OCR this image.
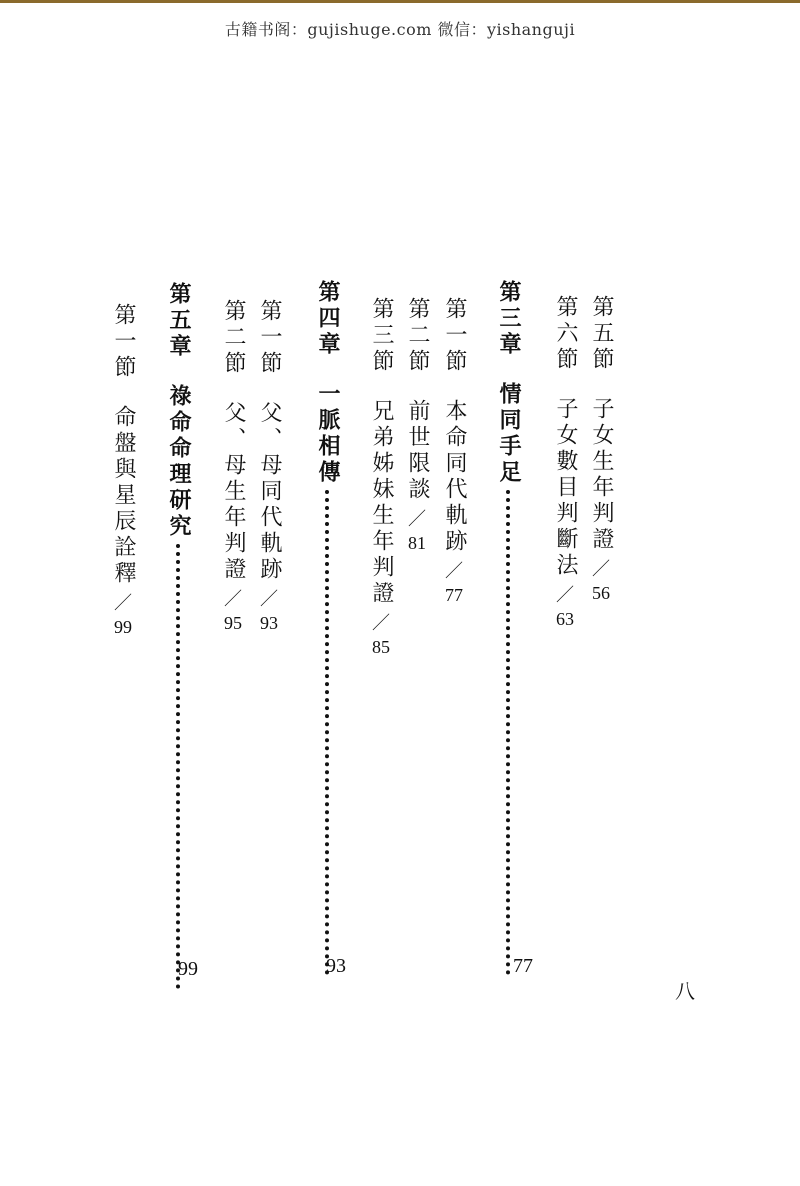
古籍书阁：gujishuge.com 微信：yishanguji
第五節
子女生年判證
／
56
第六節
子女數目判斷法
／
63
第三章
情同手足
77
第一節
本命同代軌跡
／
77
第二節
前世限談
／
81
第三節
兄弟姊妹生年判證
／
85
第四章
一脈相傳
93
第一節
父、母同代軌跡
／
93
第二節
父、母生年判證
／
95
第五章
祿命命理研究
99
第一節
命盤與星辰詮釋
／
99
八
